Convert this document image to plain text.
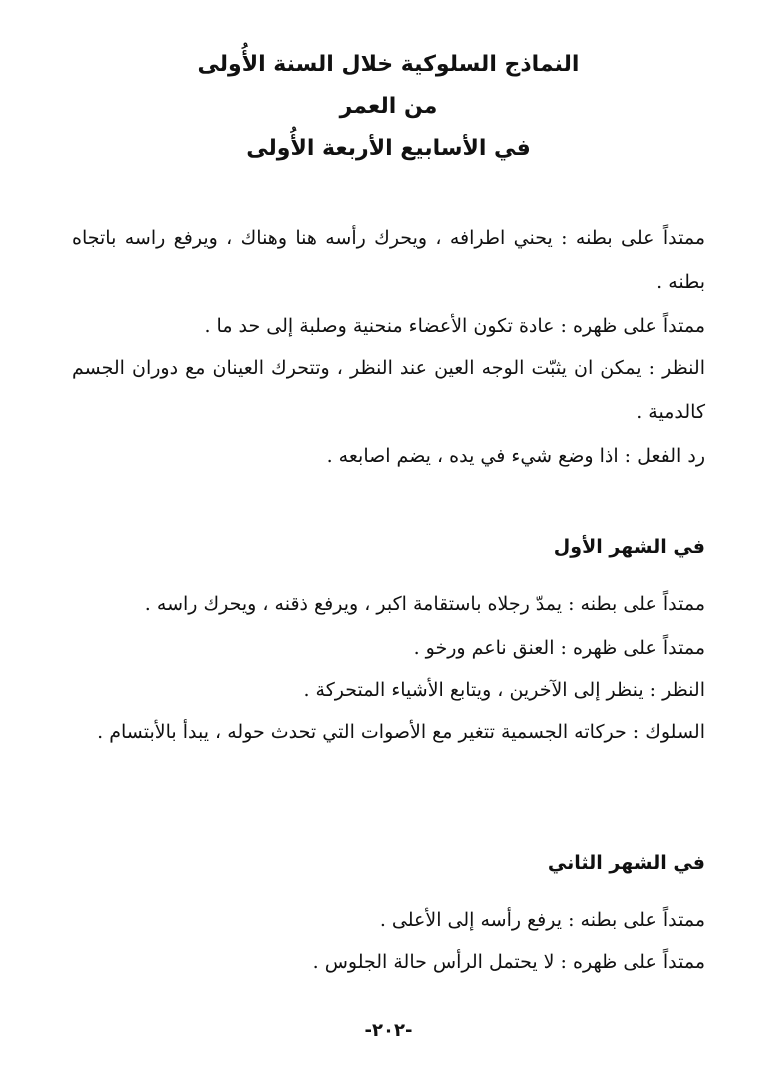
النماذج السلوكية خلال السنة الأُولى
من العمر
في الأسابيع الأربعة الأُولى
ممتداً على بطنه : يحني اطرافه ، ويحرك رأسه هنا وهناك ، ويرفع راسه باتجاه بطنه .
ممتداً على ظهره : عادة تكون الأعضاء منحنية وصلبة إلى حد ما .
النظر : يمكن ان يثبّت الوجه العين عند النظر ، وتتحرك العينان مع دوران الجسم كالدمية .
رد الفعل : اذا وضع شيء في يده ، يضم اصابعه .
في الشهر الأول
ممتداً على بطنه : يمدّ رجلاه باستقامة اكبر ، ويرفع ذقنه ، ويحرك راسه .
ممتداً على ظهره : العنق ناعم ورخو .
النظر : ينظر إلى الآخرين ، ويتابع الأشياء المتحركة .
السلوك : حركاته الجسمية تتغير مع الأصوات التي تحدث حوله ، يبدأ بالأبتسام .
في الشهر الثاني
ممتداً على بطنه : يرفع رأسه إلى الأعلى .
ممتداً على ظهره : لا يحتمل الرأس حالة الجلوس .
-٢٠٢-
